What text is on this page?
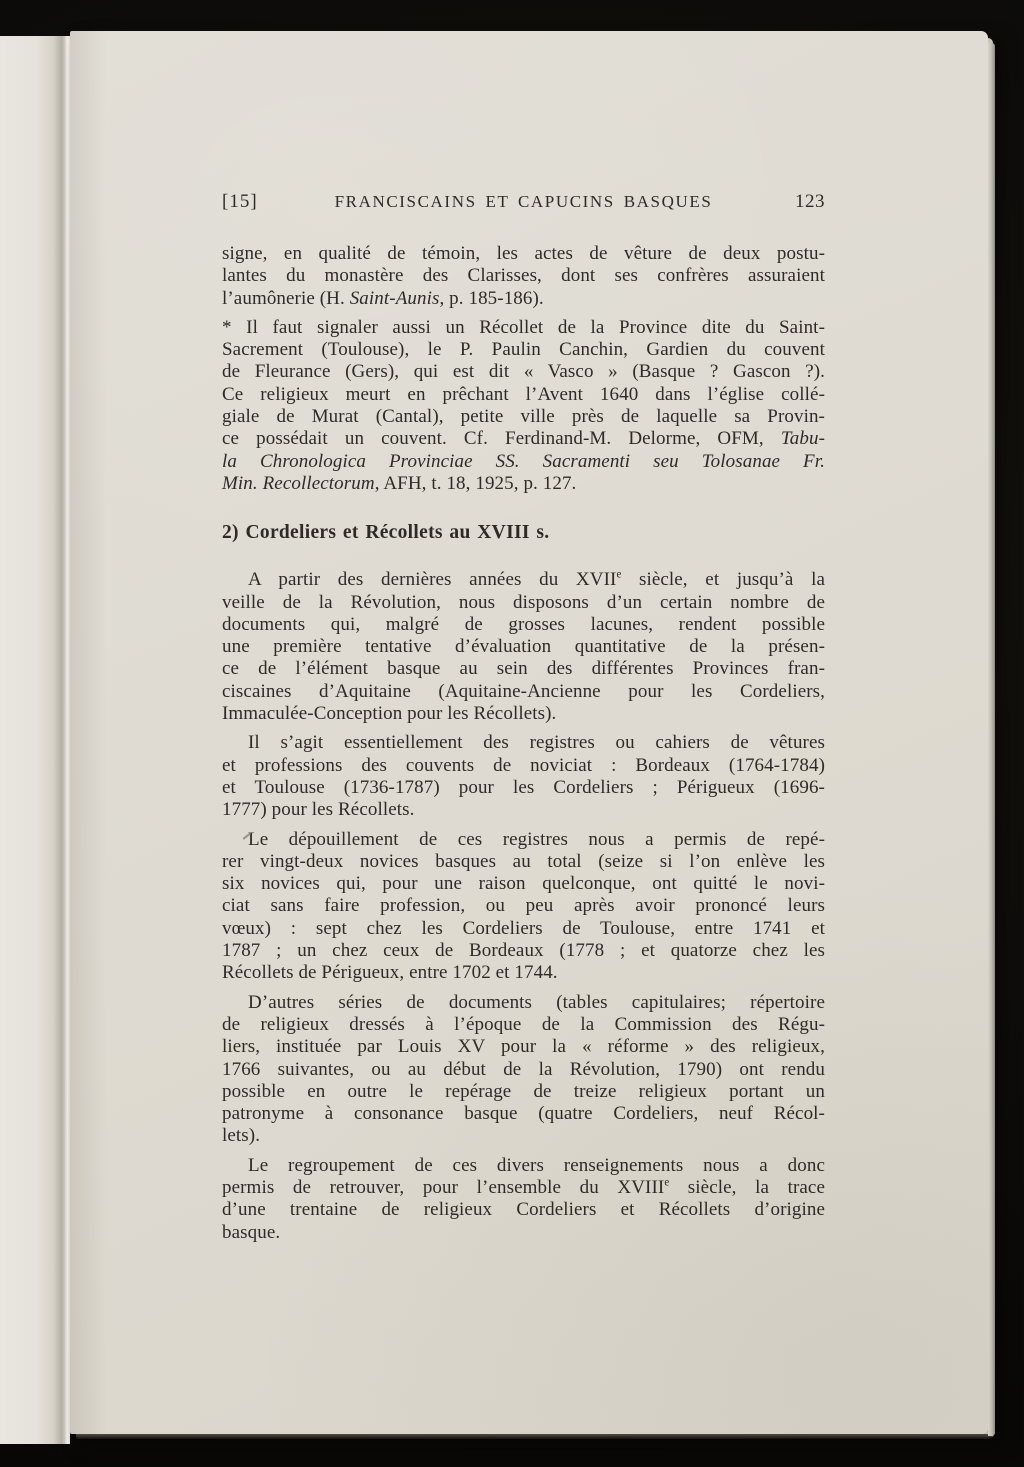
[15]	FRANCISCAINS ET CAPUCINS BASQUES	123
signe, en qualité de témoin, les actes de vêture de deux postu-
lantes du monastère des Clarisses, dont ses confrères assuraient
l’aumônerie (H. Saint-Aunis, p. 185-186).
* Il faut signaler aussi un Récollet de la Province dite du Saint-
Sacrement (Toulouse), le P. Paulin Canchin, Gardien du couvent
de Fleurance (Gers), qui est dit « Vasco » (Basque ? Gascon ?).
Ce religieux meurt en prêchant l’Avent 1640 dans l’église collé-
giale de Murat (Cantal), petite ville près de laquelle sa Provin-
ce possédait un couvent. Cf. Ferdinand-M. Delorme, OFM, Tabu-
la Chronologica Provinciae SS. Sacramenti seu Tolosanae Fr.
Min. Recollectorum, AFH, t. 18, 1925, p. 127.
2) Cordeliers et Récollets au XVIII s.
A partir des dernières années du XVIIe siècle, et jusqu’à la
veille de la Révolution, nous disposons d’un certain nombre de
documents qui, malgré de grosses lacunes, rendent possible
une première tentative d’évaluation quantitative de la présen-
ce de l’élément basque au sein des différentes Provinces fran-
ciscaines d’Aquitaine (Aquitaine-Ancienne pour les Cordeliers,
Immaculée-Conception pour les Récollets).
Il s’agit essentiellement des registres ou cahiers de vêtures
et professions des couvents de noviciat : Bordeaux (1764-1784)
et Toulouse (1736-1787) pour les Cordeliers ; Périgueux (1696-
1777) pour les Récollets.
Le dépouillement de ces registres nous a permis de repé-
rer vingt-deux novices basques au total (seize si l’on enlève les
six novices qui, pour une raison quelconque, ont quitté le novi-
ciat sans faire profession, ou peu après avoir prononcé leurs
vœux) : sept chez les Cordeliers de Toulouse, entre 1741 et
1787 ; un chez ceux de Bordeaux (1778 ; et quatorze chez les
Récollets de Périgueux, entre 1702 et 1744.
D’autres séries de documents (tables capitulaires; répertoire
de religieux dressés à l’époque de la Commission des Régu-
liers, instituée par Louis XV pour la « réforme » des religieux,
1766 suivantes, ou au début de la Révolution, 1790) ont rendu
possible en outre le repérage de treize religieux portant un
patronyme à consonance basque (quatre Cordeliers, neuf Récol-
lets).
Le regroupement de ces divers renseignements nous a donc
permis de retrouver, pour l’ensemble du XVIIIe siècle, la trace
d’une trentaine de religieux Cordeliers et Récollets d’origine
basque.
